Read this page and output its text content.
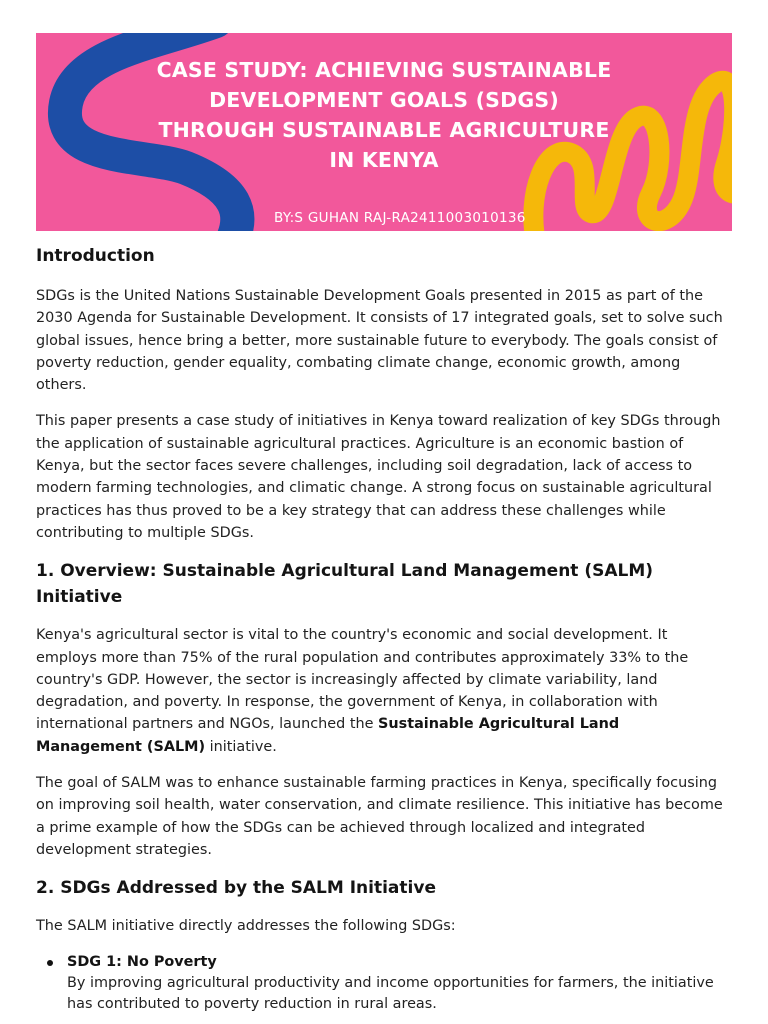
CASE STUDY: ACHIEVING SUSTAINABLE DEVELOPMENT GOALS (SDGS) THROUGH SUSTAINABLE AGRICULTURE IN KENYA
BY:S GUHAN RAJ-RA2411003010136
Introduction

SDGs is the United Nations Sustainable Development Goals presented in 2015 as part of the 2030 Agenda for Sustainable Development. It consists of 17 integrated goals, set to solve such global issues, hence bring a better, more sustainable future to everybody. The goals consist of poverty reduction, gender equality, combating climate change, economic growth, among others.

This paper presents a case study of initiatives in Kenya toward realization of key SDGs through the application of sustainable agricultural practices. Agriculture is an economic bastion of Kenya, but the sector faces severe challenges, including soil degradation, lack of access to modern farming technologies, and climatic change. A strong focus on sustainable agricultural practices has thus proved to be a key strategy that can address these challenges while contributing to multiple SDGs.

1. Overview: Sustainable Agricultural Land Management (SALM) Initiative

Kenya's agricultural sector is vital to the country's economic and social development. It employs more than 75% of the rural population and contributes approximately 33% to the country's GDP. However, the sector is increasingly affected by climate variability, land degradation, and poverty. In response, the government of Kenya, in collaboration with international partners and NGOs, launched the Sustainable Agricultural Land Management (SALM) initiative.

The goal of SALM was to enhance sustainable farming practices in Kenya, specifically focusing on improving soil health, water conservation, and climate resilience. This initiative has become a prime example of how the SDGs can be achieved through localized and integrated development strategies.

2. SDGs Addressed by the SALM Initiative

The SALM initiative directly addresses the following SDGs:

SDG 1: No Poverty
By improving agricultural productivity and income opportunities for farmers, the initiative has contributed to poverty reduction in rural areas.
